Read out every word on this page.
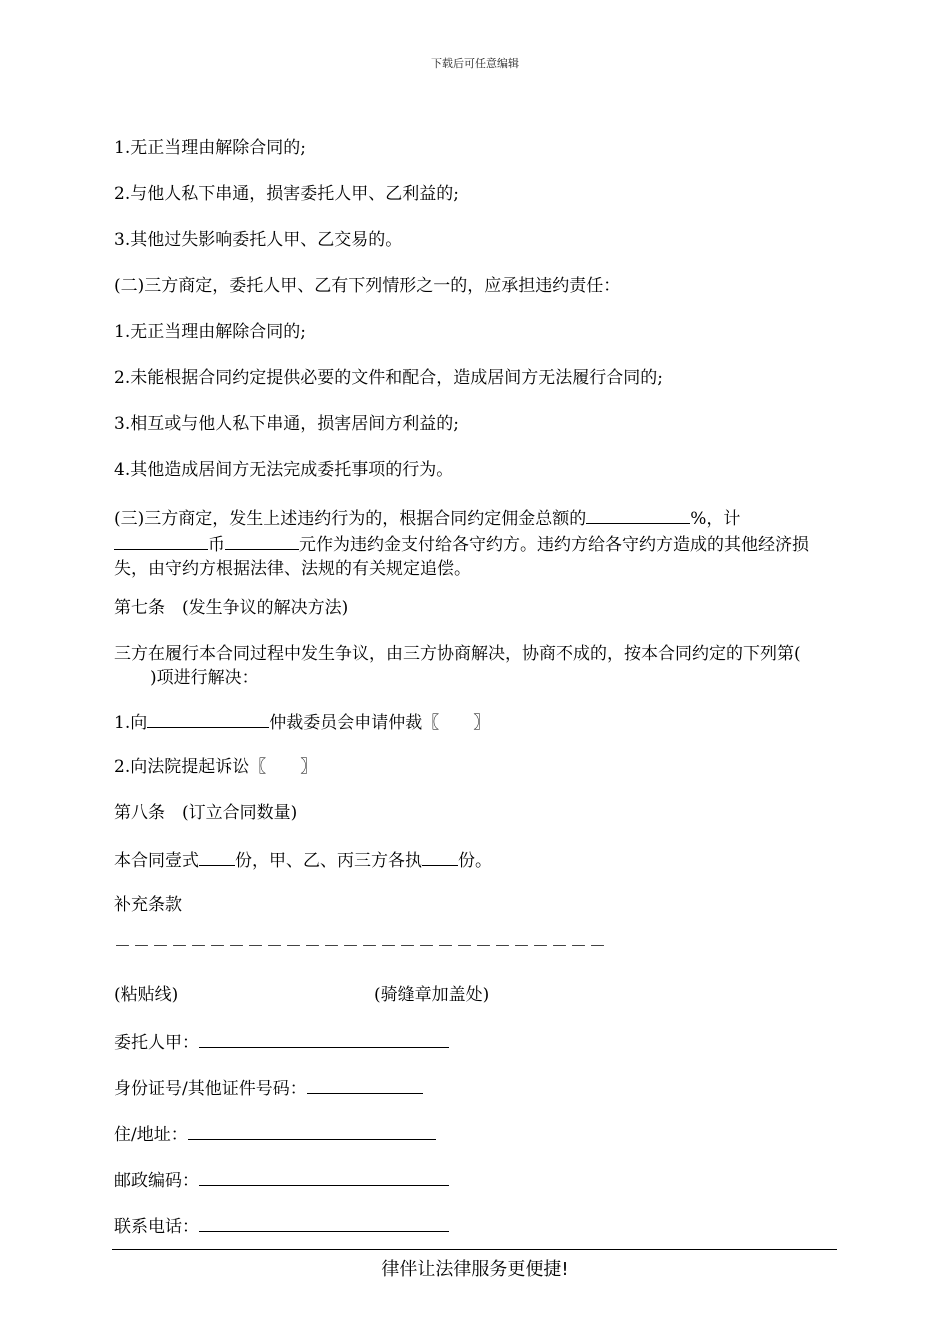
下载后可任意编辑
1.无正当理由解除合同的;
2.与他人私下串通，损害委托人甲、乙利益的;
3.其他过失影响委托人甲、乙交易的。
(二)三方商定，委托人甲、乙有下列情形之一的，应承担违约责任：
1.无正当理由解除合同的;
2.未能根据合同约定提供必要的文件和配合，造成居间方无法履行合同的;
3.相互或与他人私下串通，损害居间方利益的;
4.其他造成居间方无法完成委托事项的行为。
(三)三方商定，发生上述违约行为的，根据合同约定佣金总额的	%，计
币	元作为违约金支付给各守约方。违约方给各守约方造成的其他经济损失，由守约方根据法律、法规的有关规定追偿。
第七条　(发生争议的解决方法)
三方在履行本合同过程中发生争议，由三方协商解决，协商不成的，按本合同约定的下列第()项进行解决：
1.向	仲裁委员会申请仲裁〖　　〗
2.向法院提起诉讼〖　　〗
第八条　(订立合同数量)
本合同壹式 份，甲、乙、丙三方各执 份。
补充条款
－－－－－－－－－－－－－－－－－－－－－－－－－－
(粘贴线)	(骑缝章加盖处)
委托人甲：
身份证号/其他证件号码：
住/地址：
邮政编码：
联系电话：
律伴让法律服务更便捷!
